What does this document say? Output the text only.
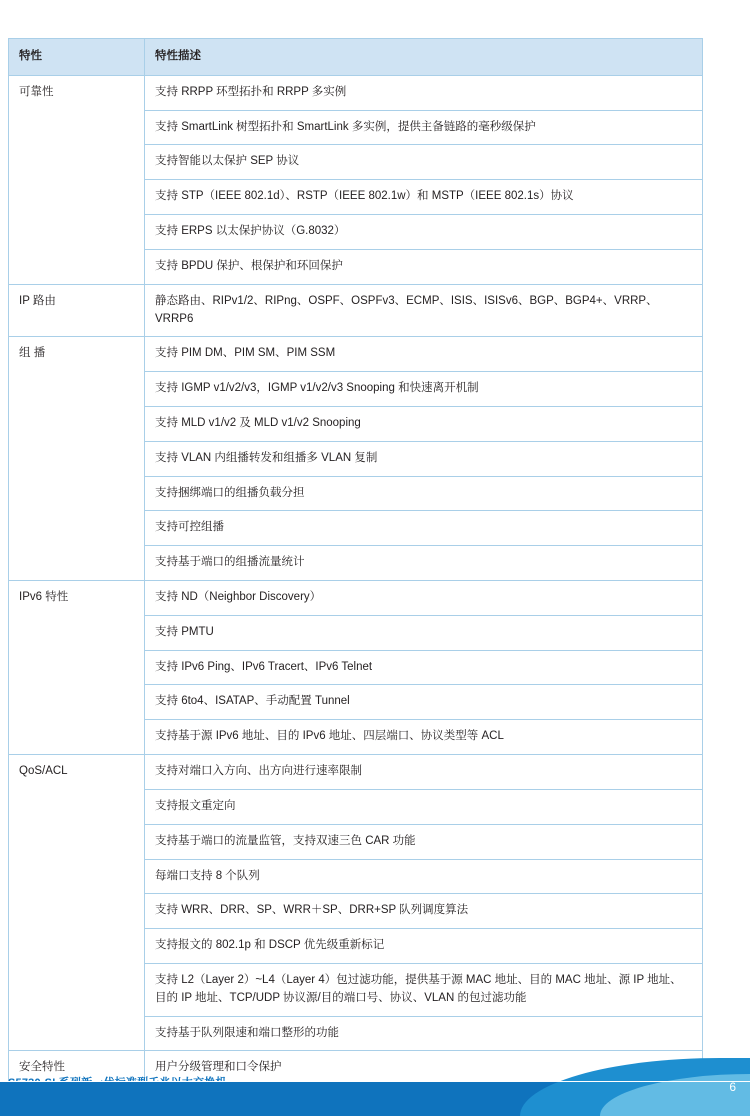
特性	特性描述
可靠性	支持 RRPP 环型拓扑和 RRPP 多实例
	支持 SmartLink 树型拓扑和 SmartLink 多实例，提供主备链路的毫秒级保护
	支持智能以太保护 SEP 协议
	支持 STP（IEEE 802.1d）、RSTP（IEEE 802.1w）和 MSTP（IEEE 802.1s）协议
	支持 ERPS 以太保护协议（G.8032）
	支持 BPDU 保护、根保护和环回保护
IP 路由	静态路由、RIPv1/2、RIPng、OSPF、OSPFv3、ECMP、ISIS、ISISv6、BGP、BGP4+、VRRP、VRRP6
组 播	支持 PIM DM、PIM SM、PIM SSM
	支持 IGMP v1/v2/v3，IGMP v1/v2/v3 Snooping 和快速离开机制
	支持 MLD v1/v2 及 MLD v1/v2 Snooping
	支持 VLAN 内组播转发和组播多 VLAN 复制
	支持捆绑端口的组播负载分担
	支持可控组播
	支持基于端口的组播流量统计
IPv6 特性	支持 ND（Neighbor Discovery）
	支持 PMTU
	支持 IPv6 Ping、IPv6 Tracert、IPv6 Telnet
	支持 6to4、ISATAP、手动配置 Tunnel
	支持基于源 IPv6 地址、目的 IPv6 地址、四层端口、协议类型等 ACL
QoS/ACL	支持对端口入方向、出方向进行速率限制
	支持报文重定向
	支持基于端口的流量监管，支持双速三色 CAR 功能
	每端口支持 8 个队列
	支持 WRR、DRR、SP、WRR＋SP、DRR+SP 队列调度算法
	支持报文的 802.1p 和 DSCP 优先级重新标记
	支持 L2（Layer 2）~L4（Layer 4）包过滤功能，提供基于源 MAC 地址、目的 MAC 地址、源 IP 地址、目的 IP 地址、TCP/UDP 协议源/目的端口号、协议、VLAN 的包过滤功能
	支持基于队列限速和端口整形的功能
安全特性	用户分级管理和口令保护
6
